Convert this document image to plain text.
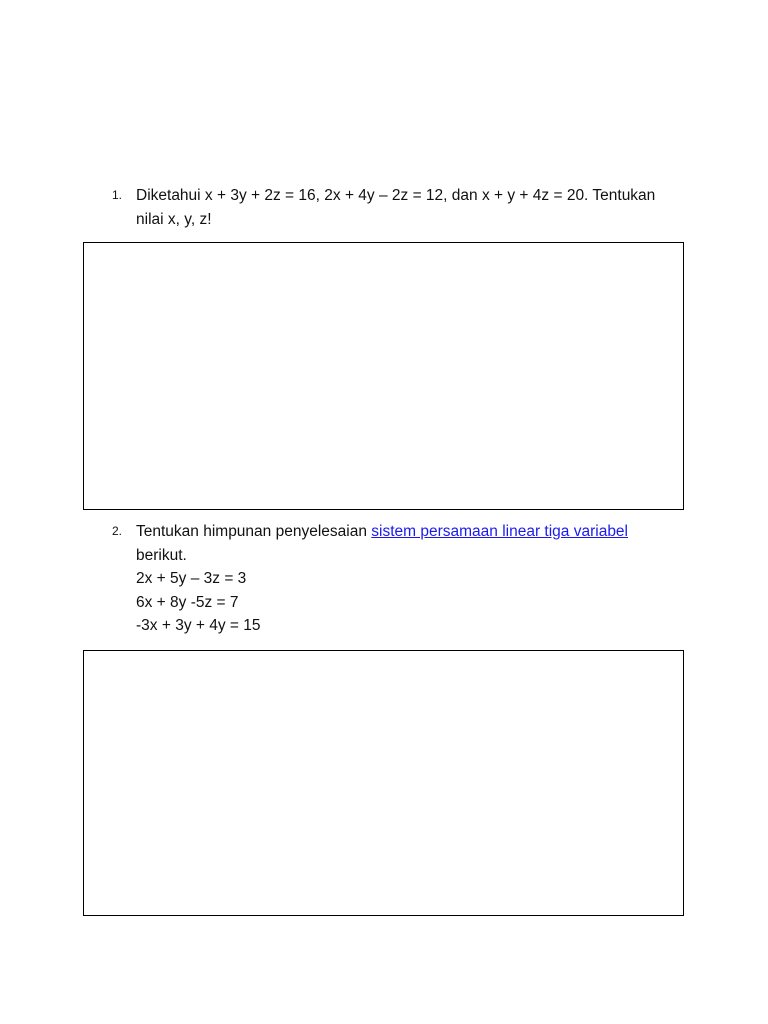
1. Diketahui x + 3y + 2z = 16, 2x + 4y – 2z = 12, dan x + y + 4z = 20. Tentukan
nilai x, y, z!
2. Tentukan himpunan penyelesaian sistem persamaan linear tiga variabel
berikut.
2x + 5y – 3z = 3
6x + 8y -5z = 7
-3x + 3y + 4y = 15
